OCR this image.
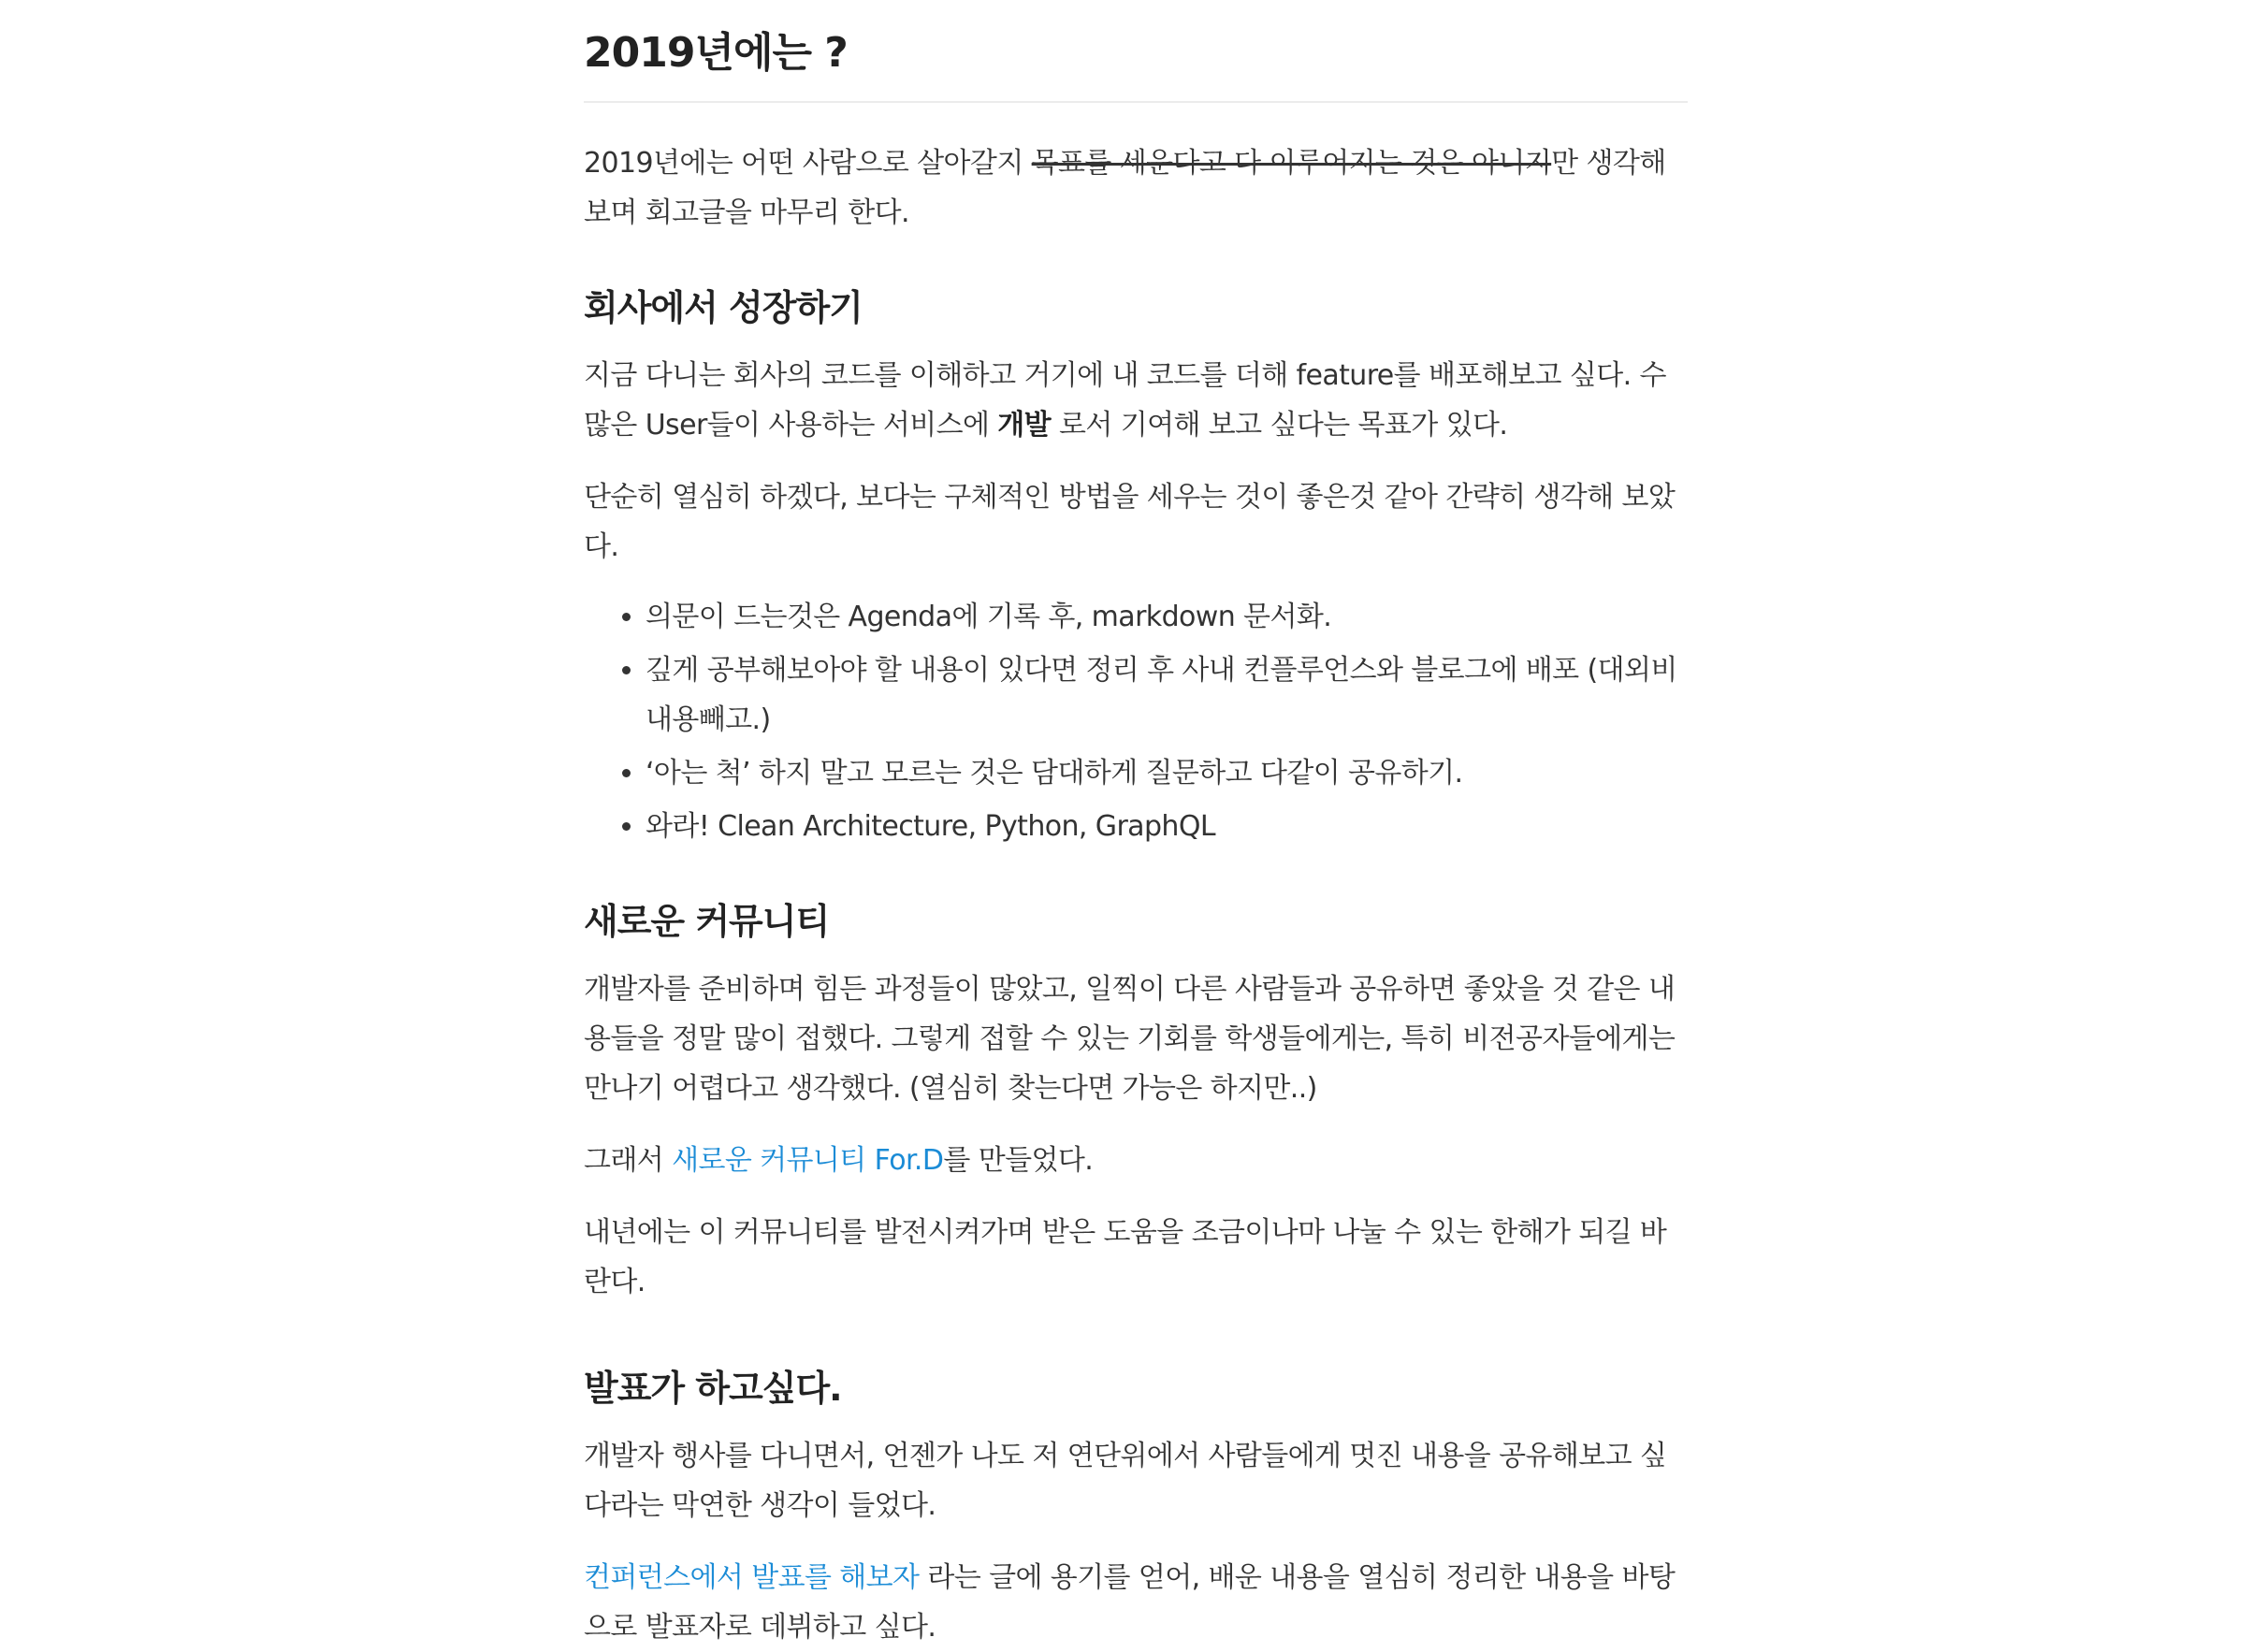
2019년에는 ?

2019년에는 어떤 사람으로 살아갈지 목표를 세운다고 다 이루어지는 것은 아니지만 생각해보며 회고글을 마무리 한다.

회사에서 성장하기

지금 다니는 회사의 코드를 이해하고 거기에 내 코드를 더해 feature를 배포해보고 싶다. 수많은 User들이 사용하는 서비스에 개발 로서 기여해 보고 싶다는 목표가 있다.

단순히 열심히 하겠다, 보다는 구체적인 방법을 세우는 것이 좋은것 같아 간략히 생각해 보았다.

• 의문이 드는것은 Agenda에 기록 후, markdown 문서화.
• 깊게 공부해보아야 할 내용이 있다면 정리 후 사내 컨플루언스와 블로그에 배포 (대외비 내용빼고.)
• ‘아는 척’ 하지 말고 모르는 것은 담대하게 질문하고 다같이 공유하기.
• 와라! Clean Architecture, Python, GraphQL
새로운 커뮤니티

개발자를 준비하며 힘든 과정들이 많았고, 일찍이 다른 사람들과 공유하면 좋았을 것 같은 내용들을 정말 많이 접했다. 그렇게 접할 수 있는 기회를 학생들에게는, 특히 비전공자들에게는 만나기 어렵다고 생각했다. (열심히 찾는다면 가능은 하지만..)

그래서 새로운 커뮤니티 For.D를 만들었다.

내년에는 이 커뮤니티를 발전시켜가며 받은 도움을 조금이나마 나눌 수 있는 한해가 되길 바란다.

발표가 하고싶다.

개발자 행사를 다니면서, 언젠가 나도 저 연단위에서 사람들에게 멋진 내용을 공유해보고 싶다라는 막연한 생각이 들었다.

컨퍼런스에서 발표를 해보자 라는 글에 용기를 얻어, 배운 내용을 열심히 정리한 내용을 바탕으로 발표자로 데뷔하고 싶다.
